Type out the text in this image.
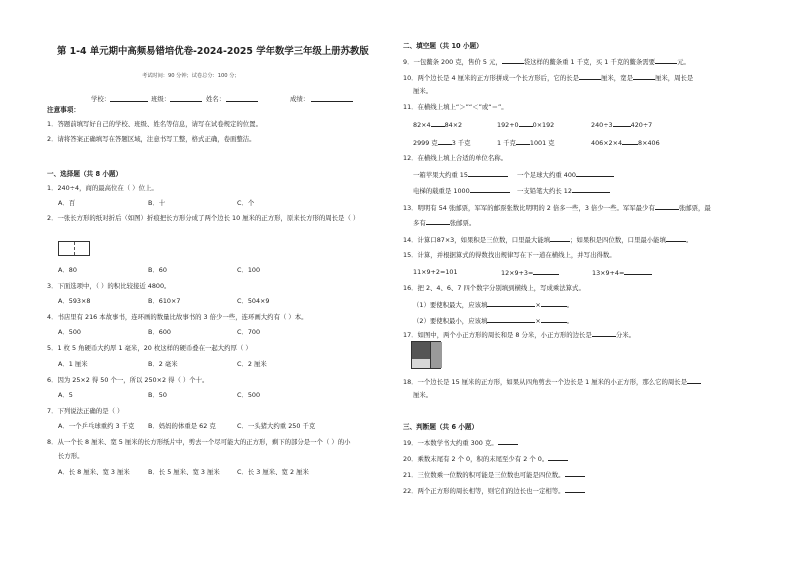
第 1-4 单元期中高频易错培优卷-2024-2025 学年数学三年级上册苏教版
考试时间：90 分钟；试卷总分：100 分；
学校：	班级：	姓名：	成绩：
注意事项：
1．答题前填写好自己的学校、班级、姓名等信息，请写在试卷规定的位置。
2．请将答案正确填写在答题区域，注意书写工整，格式正确，卷面整洁。
一、选择题（共 8 小题）
1．240÷4，商的最高位在（ ）位上。
A．百	B．十	C．个
2．一张长方形的纸对折后（如图）折痕把长方形分成了两个边长 10 厘米的正方形，原来长方形的周长是（ ）
A．80	B．60	C．100
3．下面选项中，（ ）的积比较接近 4800。
A．593×8	B．610×7	C．504×9
4．书店里有 216 本故事书，连环画的数量比故事书的 3 倍少一些，连环画大约有（ ）本。
A．500	B．600	C．700
5．1 枚 5 角硬币大约厚 1 毫米，20 枚这样的硬币叠在一起大约厚（ ）
A．1 厘米	B．2 毫米	C．2 厘米
6．因为 25×2 得 50 个一，所以 250×2 得（ ）个十。
A．5	B．50	C．500
7．下列说法正确的是（ ）
A．一个乒乓球重约 3 千克 B．妈妈的体重是 62 克	C．一头猪大约重 250 千克
8．从一个长 8 厘米、宽 5 厘米的长方形纸片中，剪去一个尽可能大的正方形，剩下的部分是一个（ ）的小
长方形。
A．长 8 厘米、宽 3 厘米	B．长 5 厘米、宽 3 厘米	C．长 3 厘米、宽 2 厘米
二、填空题（共 10 小题）
9．一包鳖条 200 克，售价 5 元，	袋这样的鳖条重 1 千克，买 1 千克的鳖条需要	元。
10．两个边长是 4 厘米的正方形拼成一个长方形后，它的长是	厘米，宽是	厘米，周长是
厘米。
11．在横线上填上“＞”“＜”或“＝”。
82×4 84×2	192+0 0×192	240÷3	420÷7
2999 克 3 千克	1 千克 1001 克	406×2×4	8×406
12．在横线上填上合适的单位名称。
一箱苹果大约重 15	一个足球大约重 400
电梯的载重是 1000	一支铅笔大约长 12
13．明明有 54 张邮票，军军的邮票张数比明明的 2 倍多一些，3 倍少一些。军军最少有	张邮票，最
多有	张邮票。
14．计算口87×3，如果积是三位数，口里最大能填	；如果积是四位数，口里最小能填	。
15．计算，并根据算式的得数找出规律写在下一道在横线上，并写出得数。
11×9+2=101	12×9+3=	13×9+4=
16．把 2、4、6、7 四个数字分别填到横线上，写成乘法算式。
（1）要使积最大，应该填	×	。
（2）要使积最小，应该填	×	。
17．如图中，两个小正方形的周长和是 8 分米，小正方形的边长是	分米。
18．一个边长是 15 厘米的正方形，如果从四角剪去一个边长是 1 厘米的小正方形，那么它的周长是
厘米。
三、判断题（共 6 小题）
19．一本数学书大约重 300 克。
20．乘数末尾有 2 个 0，积的末尾至少有 2 个 0。
21．三位数乘一位数的积可能是三位数也可能是四位数。
22．两个正方形的周长相等，则它们的边长也一定相等。
